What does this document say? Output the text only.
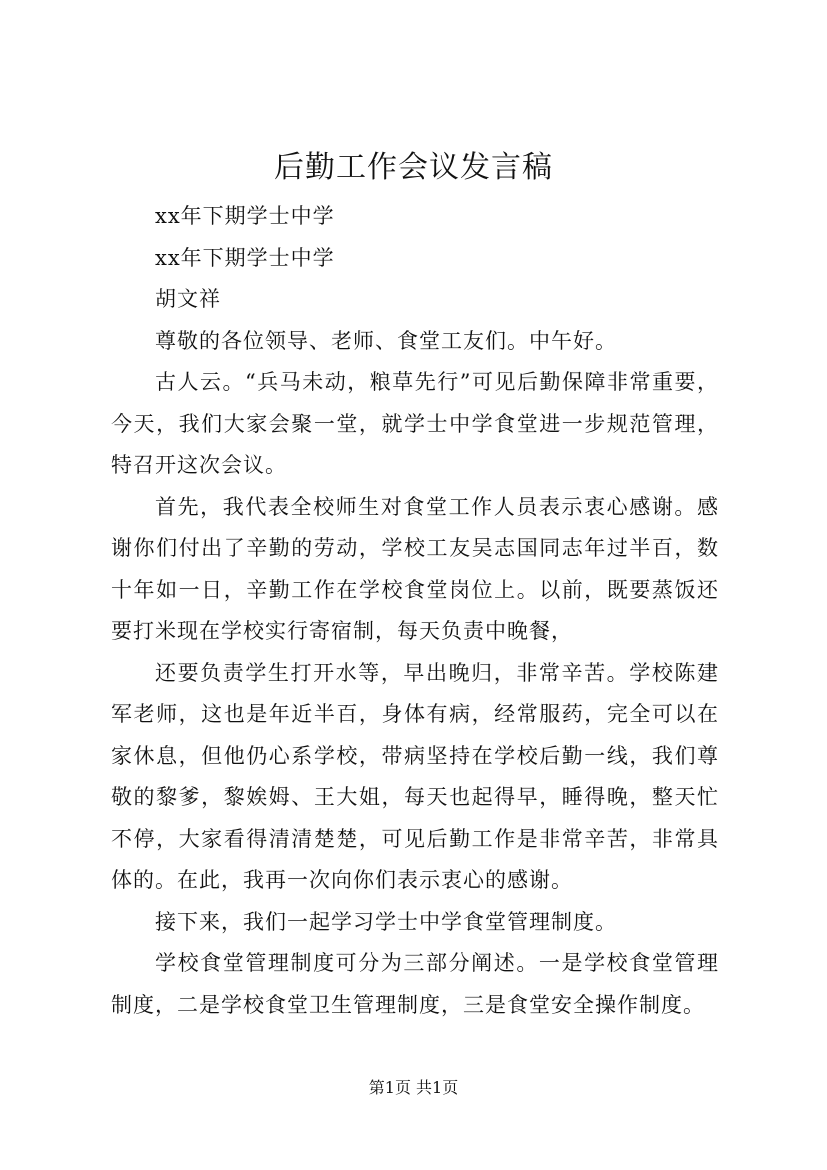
后勤工作会议发言稿

xx年下期学士中学

xx年下期学士中学

胡文祥

尊敬的各位领导、老师、食堂工友们。中午好。

古人云。“兵马未动，粮草先行”可见后勤保障非常重要，今天，我们大家会聚一堂，就学士中学食堂进一步规范管理，特召开这次会议。

首先，我代表全校师生对食堂工作人员表示衷心感谢。感谢你们付出了辛勤的劳动，学校工友吴志国同志年过半百，数十年如一日，辛勤工作在学校食堂岗位上。以前，既要蒸饭还要打米现在学校实行寄宿制，每天负责中晚餐，

还要负责学生打开水等，早出晚归，非常辛苦。学校陈建军老师，这也是年近半百，身体有病，经常服药，完全可以在家休息，但他仍心系学校，带病坚持在学校后勤一线，我们尊敬的黎爹，黎娭姆、王大姐，每天也起得早，睡得晚，整天忙不停，大家看得清清楚楚，可见后勤工作是非常辛苦，非常具体的。在此，我再一次向你们表示衷心的感谢。

接下来，我们一起学习学士中学食堂管理制度。

学校食堂管理制度可分为三部分阐述。一是学校食堂管理制度，二是学校食堂卫生管理制度，三是食堂安全操作制度。

第1页 共1页
